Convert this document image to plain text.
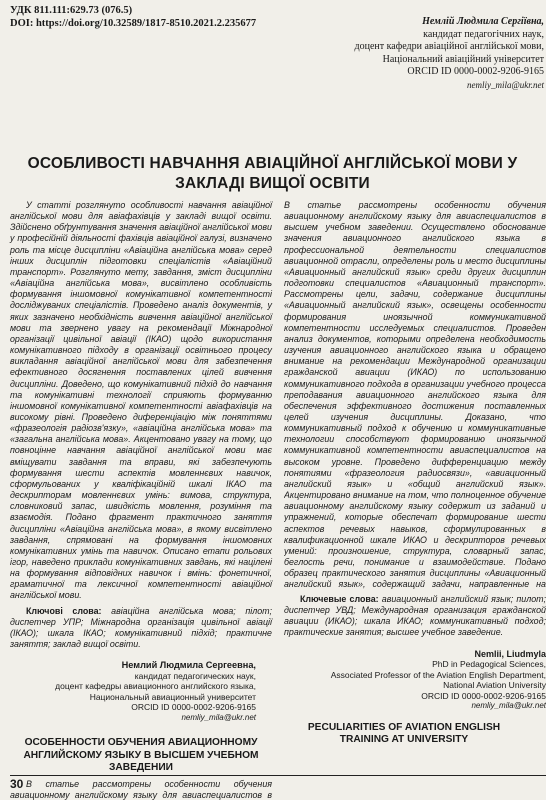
УДК 811.111:629.73 (076.5)
DOI: https://doi.org/10.32589/1817-8510.2021.2.235677	Немлій Людмила Сергіївна,
кандидат педагогічних наук,
доцент кафедри авіаційної англійської мови,
Національний авіаційний університет
ORCID ID 0000-0002-9206-9165
nemliy_mila@ukr.net
ОСОБЛИВОСТІ НАВЧАННЯ АВІАЦІЙНОЇ АНГЛІЙСЬКОЇ МОВИ У ЗАКЛАДІ ВИЩОЇ ОСВІТИ

У статті розглянуто особливості навчання авіаційної англійської мови для авіафахівців у закладі вищої освіти. Здійснено обґрунтування значення авіаційної англійської мови у професійній діяльності фахівців авіаційної галузі, визначено роль та місце дисципліни «Авіаційна англійська мова» серед інших дисциплін підготовки спеціалістів «Авіаційний транспорт». Розглянуто мету, завдання, зміст дисципліни «Авіаційна англійська мова», висвітлено особливість формування іншомовної комунікативної компетентності досліджуваних спеціалістів. Проведено аналіз документів, у яких зазначено необхідність вивчення авіаційної англійської мови та звернено увагу на рекомендації Міжнародної організації цивільної авіації (ІКАО) щодо використання комунікативного підходу в організації освітнього процесу викладання авіаційної англійської мови для забезпечення ефективного досягнення поставлених цілей вивчення дисципліни. Доведено, що комунікативний підхід до навчання та комунікативні технології сприяють формуванню іншомовної комунікативної компетентності авіафахівців на високому рівні. Проведено диференціацію між поняттями «фразеологія радіозв'язку», «авіаційна англійська мова» та «загальна англійська мова». Акцентовано увагу на тому, що повноцінне навчання авіаційної англійської мови має вміщувати завдання та вправи, які забезпечують формування шести аспектів мовленнєвих навичок, сформульованих у кваліфікаційній шкалі ІКАО та дескрипторам мовленнєвих умінь: вимова, структура, словниковий запас, швидкість мовлення, розуміння та взаємодія. Подано фрагмент практичного заняття дисципліни «Авіаційна англійська мова», в якому висвітлено завдання, спрямовані на формування іншомовних комунікативних умінь та навичок. Описано етапи рольових ігор, наведено приклади комунікативних завдань, які націлені на формування відповідних навичок і вмінь: фонетичної, граматичної та лексичної компетентності авіаційної англійської мови.

Ключові слова: авіаційна англійська мова; пілот; диспетчер УПР; Міжнародна організація цивільної авіації (ІКАО); шкала ІКАО; комунікативний підхід; практичне заняття; заклад вищої освіти.

Немлий Людмила Сергеевна,
кандидат педагогических наук,
доцент кафедры авиационного английского языка,
Национальный авиационный университет
ORCID ID 0000-0002-9206-9165
nemliy_mila@ukr.net
ОСОБЕННОСТИ ОБУЧЕНИЯ АВИАЦИОННОМУ АНГЛИЙСКОМУ ЯЗЫКУ В ВЫСШЕМ УЧЕБНОМ ЗАВЕДЕНИИ

В статье рассмотрены особенности обучения авиационному английскому языку для авиаспециалистов в

В статье рассмотрены особенности обучения авиационному английскому языку для авиаспециалистов в высшем учебном заведении. Осуществлено обоснование значения авиационного английского языка в профессиональной деятельности специалистов авиационной отрасли, определены роль и место дисциплины «Авиационный английский язык» среди других дисциплин подготовки специалистов «Авиационный транспорт». Рассмотрены цели, задачи, содержание дисциплины «Авиационный английский язык», освещены особенности формирования иноязычной коммуникативной компетентности исследуемых специалистов. Проведен анализ документов, которыми определена необходимость изучения авиационного английского языка и обращено внимание на рекомендации Международной организации гражданской авиации (ИКАО) по использованию коммуникативного подхода в организации учебного процесса преподавания авиационного английского языка для обеспечения эффективного достижения поставленных целей изучения дисциплины. Доказано, что коммуникативный подход к обучению и коммуникативные технологии способствуют формированию иноязычной коммуникативной компетентности авиаспециалистов на высоком уровне. Проведено дифференциацию между понятиями «фразеология радиосвязи», «авиационный английский язык» и «общий английский язык». Акцентировано внимание на том, что полноценное обучение авиационному английскому языку содержит из заданий и упражнений, которые обеспечат формирование шести аспектов речевых навыков, сформулированных в квалификационной шкале ИКАО и дескрипторов речевых умений: произношение, структура, словарный запас, беглость речи, понимание и взаимодействие. Подано образец практического занятия дисциплины «Авиационный английский язык», содержащий задачи, направленные на

Ключевые слова: авиационный английский язык; пилот; диспетчер УВД; Международная организация гражданской авиации (ИКАО); шкала ИКАО; коммуникативный подход; практические занятия; высшее учебное заведение.

Nemlii, Liudmyla
PhD in Pedagogical Sciences,
Associated Professor of the Aviation English Department,
National Aviation University
ORCID ID 0000-0002-9206-9165
nemliy_mila@ukr.net
PECULIARITIES OF AVIATION ENGLISH TRAINING AT UNIVERSITY
30
